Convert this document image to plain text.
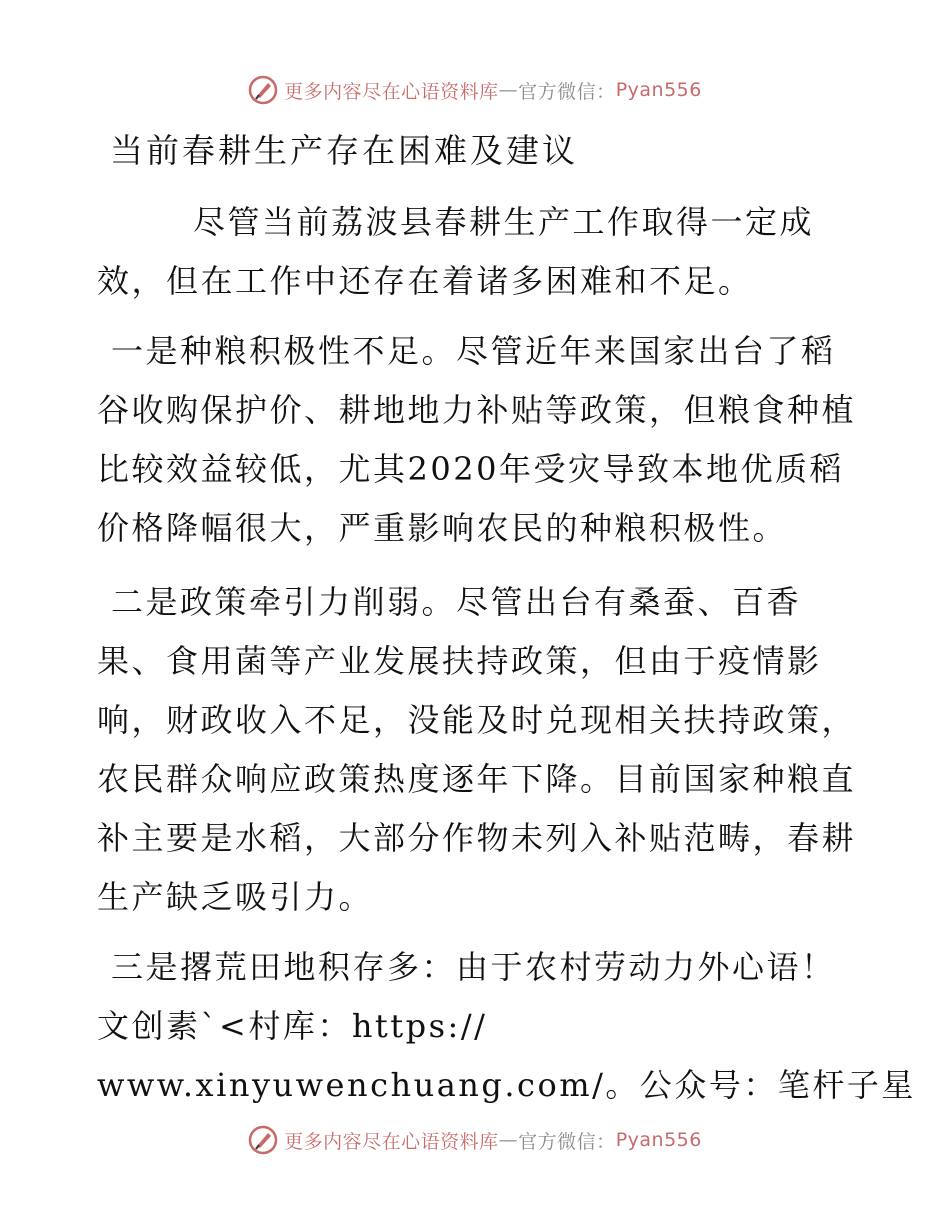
更多内容尽在心语资料库 — 官方微信： Pyan556
当前春耕生产存在困难及建议

尽管当前荔波县春耕生产工作取得一定成
效，但在工作中还存在着诸多困难和不足。

一是种粮积极性不足。尽管近年来国家出台了稻
谷收购保护价、耕地地力补贴等政策，但粮食种植
比较效益较低，尤其2020年受灾导致本地优质稻
价格降幅很大，严重影响农民的种粮积极性。

二是政策牵引力削弱。尽管出台有桑蚕、百香
果、食用菌等产业发展扶持政策，但由于疫情影
响，财政收入不足，没能及时兑现相关扶持政策，
农民群众响应政策热度逐年下降。目前国家种粮直
补主要是水稻，大部分作物未列入补贴范畴，春耕
生产缺乏吸引力。

三是撂荒田地积存多：由于农村劳动力外心语！
文创素`<村库：https://
www.xinyuwenchuang.com/。公众号：笔杆子星

更多内容尽在心语资料库 — 官方微信： Pyan556
